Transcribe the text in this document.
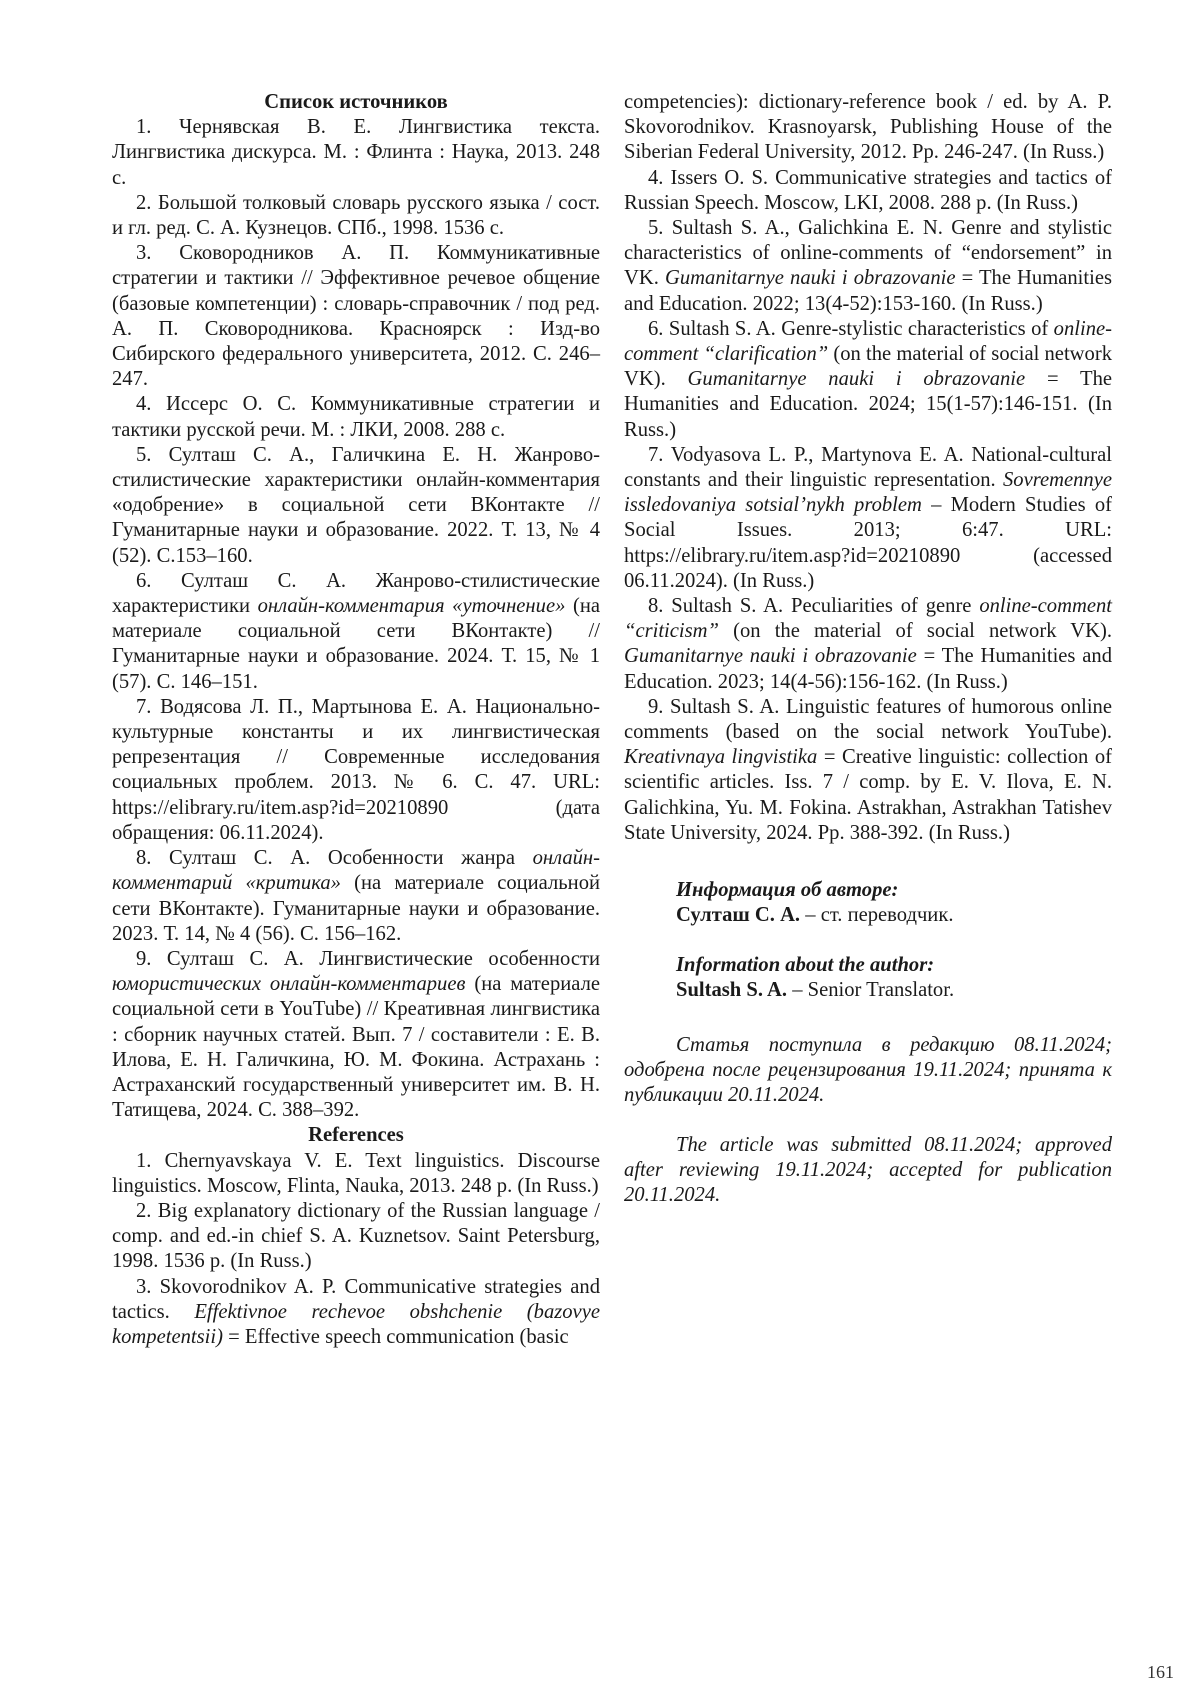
Список источников

1. Чернявская В. Е. Лингвистика текста. Лингвистика дискурса. М. : Флинта : Наука, 2013. 248 с.

2. Большой толковый словарь русского языка / сост. и гл. ред. С. А. Кузнецов. СПб., 1998. 1536 с.

3. Сковородников А. П. Коммуникативные стратегии и тактики // Эффективное речевое общение (базовые компетенции) : словарь-справочник / под ред. А. П. Сковородникова. Красноярск : Изд-во Сибирского федерального университета, 2012. С. 246–247.

4. Иссерс О. С. Коммуникативные стратегии и тактики русской речи. М. : ЛКИ, 2008. 288 с.

5. Султаш С. А., Галичкина Е. Н. Жанрово-стилистические характеристики онлайн-комментария «одобрение» в социальной сети ВКонтакте // Гуманитарные науки и образование. 2022. Т. 13, № 4 (52). С.153–160.

6. Султаш С. А. Жанрово-стилистические характеристики онлайн-комментария «уточнение» (на материале социальной сети ВКонтакте) // Гуманитарные науки и образование. 2024. Т. 15, № 1 (57). С. 146–151.

7. Водясова Л. П., Мартынова Е. А. Национально-культурные константы и их лингвистическая репрезентация // Современные исследования социальных проблем. 2013. № 6. С. 47. URL: https://elibrary.ru/item.asp?id=20210890 (дата обращения: 06.11.2024).

8. Султаш С. А. Особенности жанра онлайн-комментарий «критика» (на материале социальной сети ВКонтакте). Гуманитарные науки и образование. 2023. Т. 14, № 4 (56). С. 156–162.

9. Султаш С. А. Лингвистические особенности юмористических онлайн-комментариев (на материале социальной сети в YouTube) // Креативная лингвистика : сборник научных статей. Вып. 7 / составители : Е. В. Илова, Е. Н. Галичкина, Ю. М. Фокина. Астрахань : Астраханский государственный университет им. В. Н. Татищева, 2024. С. 388–392.

References

1. Chernyavskaya V. E. Text linguistics. Discourse linguistics. Moscow, Flinta, Nauka, 2013. 248 p. (In Russ.)

2. Big explanatory dictionary of the Russian language / comp. and ed.-in chief S. A. Kuznetsov. Saint Petersburg, 1998. 1536 p. (In Russ.)

3. Skovorodnikov A. P. Communicative strategies and tactics. Effektivnoe rechevoe obshchenie (bazovye kompetentsii) = Effective speech communication (basic

competencies): dictionary-reference book / ed. by A. P. Skovorodnikov. Krasnoyarsk, Publishing House of the Siberian Federal University, 2012. Pp. 246-247. (In Russ.)

4. Issers O. S. Communicative strategies and tactics of Russian Speech. Moscow, LKI, 2008. 288 p. (In Russ.)

5. Sultash S. A., Galichkina E. N. Genre and stylistic characteristics of online-comments of “endorsement” in VK. Gumanitarnye nauki i obrazovanie = The Humanities and Education. 2022; 13(4-52):153-160. (In Russ.)

6. Sultash S. A. Genre-stylistic characteristics of online-comment “clarification” (on the material of social network VK). Gumanitarnye nauki i obrazovanie = The Humanities and Education. 2024; 15(1-57):146-151. (In Russ.)

7. Vodyasova L. P., Martynova E. A. National-cultural constants and their linguistic representation. Sovremennye issledovaniya sotsial’nykh problem – Modern Studies of Social Issues. 2013; 6:47. URL: https://elibrary.ru/item.asp?id=20210890 (accessed 06.11.2024). (In Russ.)

8. Sultash S. A. Peculiarities of genre online-comment “criticism” (on the material of social network VK). Gumanitarnye nauki i obrazovanie = The Humanities and Education. 2023; 14(4-56):156-162. (In Russ.)

9. Sultash S. A. Linguistic features of humorous online comments (based on the social network YouTube). Kreativnaya lingvistika = Creative linguistic: collection of scientific articles. Iss. 7 / comp. by E. V. Ilova, E. N. Galichkina, Yu. M. Fokina. Astrakhan, Astrakhan Tatishev State University, 2024. Pp. 388-392. (In Russ.)

Информация об авторе:

Султаш С. А. – ст. переводчик.

Information about the author:

Sultash S. A. – Senior Translator.

Статья поступила в редакцию 08.11.2024; одобрена после рецензирования 19.11.2024; принята к публикации 20.11.2024.

The article was submitted 08.11.2024; approved after reviewing 19.11.2024; accepted for publication 20.11.2024.

161
